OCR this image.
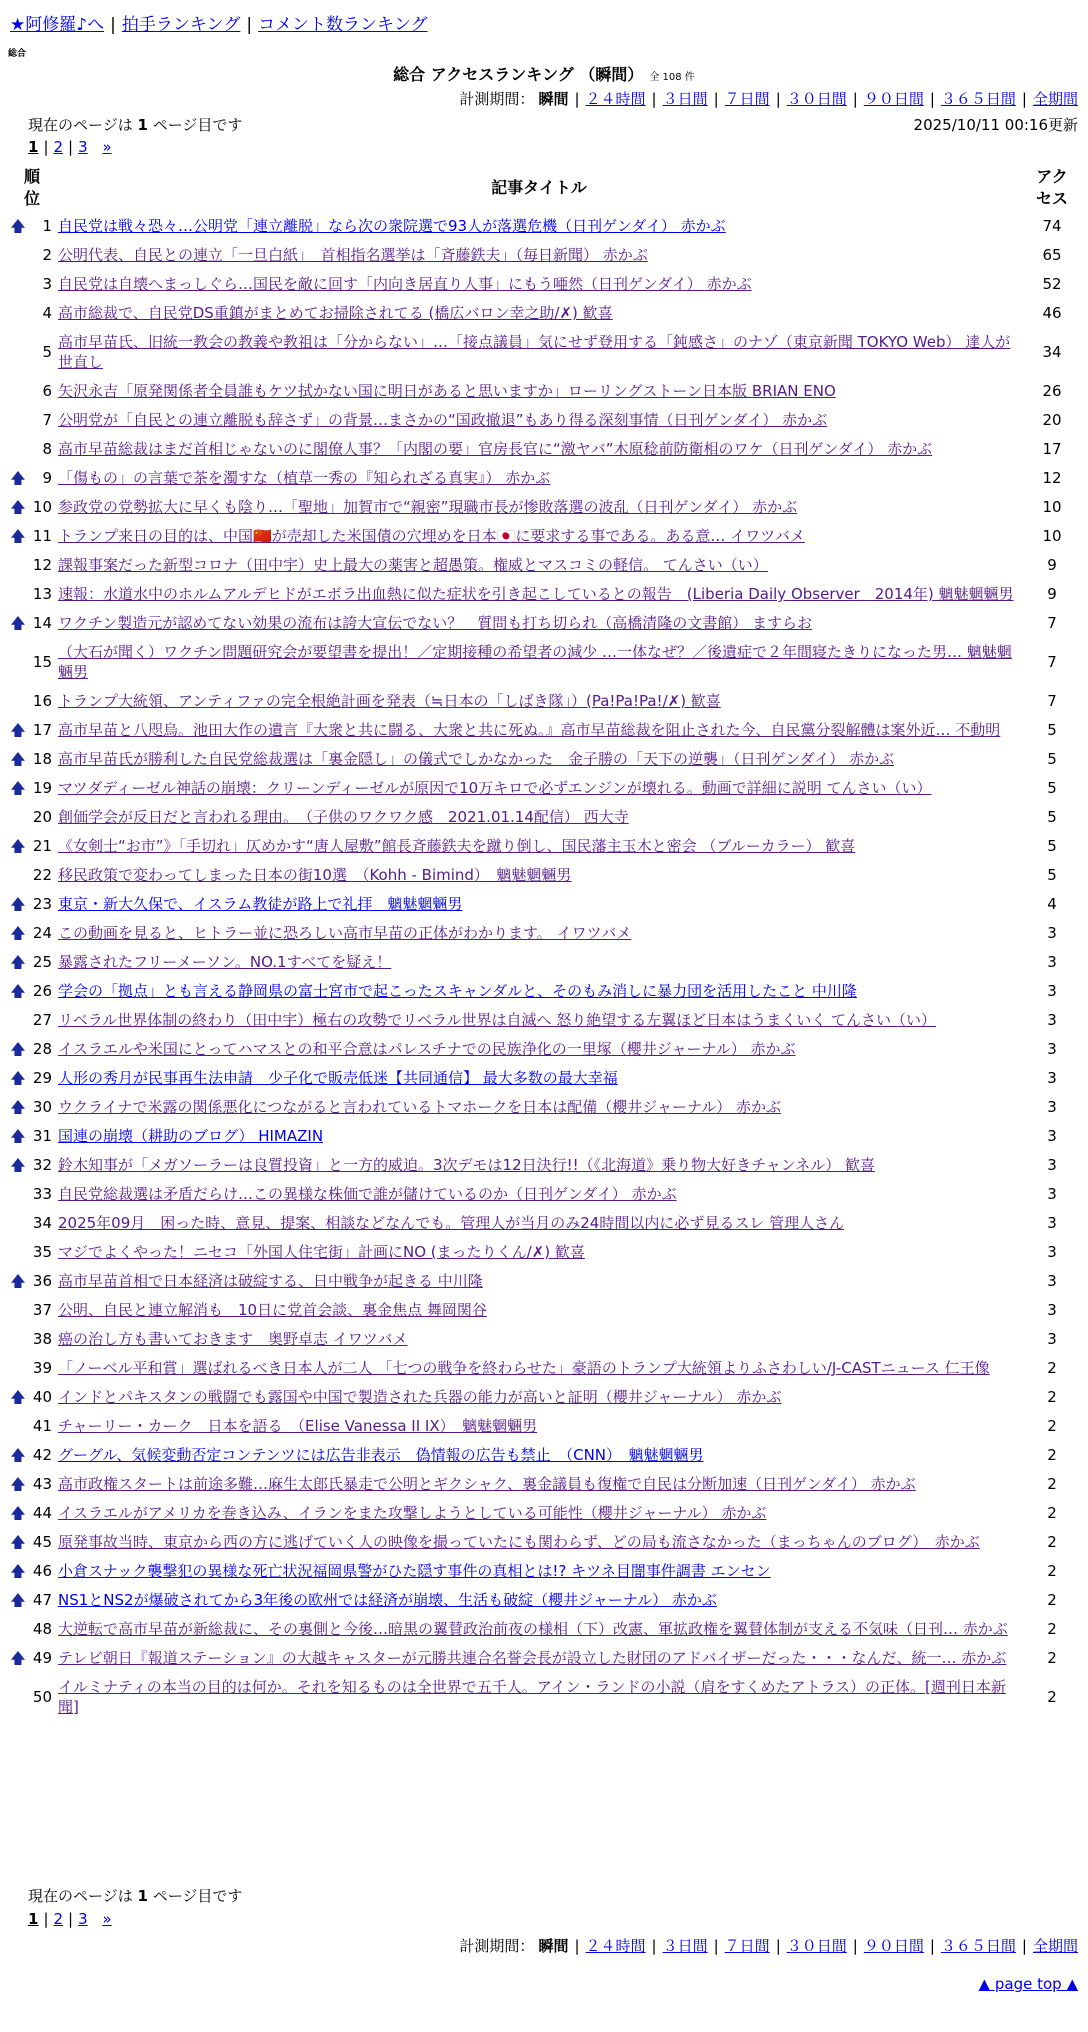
★阿修羅♪へ | 拍手ランキング | コメント数ランキング
総合
総合 アクセスランキング （瞬間） 全 108 件
計測期間： 瞬間 | ２４時間 | ３日間 | ７日間 | ３０日間 | ９０日間 | ３６５日間 | 全期間
現在のページは 1 ページ目です	2025/10/11 00:16更新
1 | 2 | 3 »
順位		記事タイトル	アクセス
🡅	1	自民党は戦々恐々…公明党「連立離脱」なら次の衆院選で93人が落選危機（日刊ゲンダイ） 赤かぶ	74
	2	公明代表、自民との連立「一旦白紙」　首相指名選挙は「斉藤鉄夫」（毎日新聞） 赤かぶ	65
	3	自民党は自壊へまっしぐら…国民を敵に回す「内向き居直り人事」にもう唖然（日刊ゲンダイ） 赤かぶ	52
	4	高市総裁で、自民党DS重鎮がまとめてお掃除されてる (橋広バロン幸之助/✗) 歓喜	46
	5	高市早苗氏、旧統一教会の教義や教祖は「分からない」…「接点議員」気にせず登用する「鈍感さ」のナゾ（東京新聞 TOKYO Web） 達人が世直し	34
	6	矢沢永吉「原発関係者全員誰もケツ拭かない国に明日があると思いますか」ローリングストーン日本版 BRIAN ENO	26
	7	公明党が「自民との連立離脱も辞さず」の背景…まさかの“国政撤退”もあり得る深刻事情（日刊ゲンダイ） 赤かぶ	20
	8	高市早苗総裁はまだ首相じゃないのに閣僚人事？「内閣の要」官房長官に“激ヤバ”木原稔前防衛相のワケ（日刊ゲンダイ） 赤かぶ	17
🡅	9	「傷もの」の言葉で茶を濁すな（植草一秀の『知られざる真実』） 赤かぶ	12
🡅	10	参政党の党勢拡大に早くも陰り…「聖地」加賀市で“親密”現職市長が惨敗落選の波乱（日刊ゲンダイ） 赤かぶ	10
🡅	11	トランプ来日の目的は、中国🇨🇳が売却した米国債の穴埋めを日本🇯🇵に要求する事である。ある意… イワツバメ	10
	12	課報事案だった新型コロナ（田中宇）史上最大の薬害と超愚策。権威とマスコミの軽信。 てんさい（い）	9
	13	速報：水道水中のホルムアルデヒドがエボラ出血熱に似た症状を引き起こしているとの報告　(Liberia Daily Observer　2014年) 魑魅魍魎男	9
🡅	14	ワクチン製造元が認めてない効果の流布は誇大宣伝でない？　質問も打ち切られ（高橋清隆の文書館） ますらお	7
	15	（大石が聞く）ワクチン問題研究会が要望書を提出！／定期接種の希望者の減少 …一体なぜ？／後遺症で２年間寝たきりになった男… 魑魅魍魎男	7
	16	トランプ大統領、アンティファの完全根絶計画を発表（≒日本の「しばき隊」）(Pa!Pa!Pa!/✗) 歓喜	7
🡅	17	高市早苗と八咫烏。池田大作の遺言『大衆と共に闘る、大衆と共に死ぬ。』高市早苗総裁を阻止された今、自民黨分裂解體は案外近… 不動明	5
🡅	18	高市早苗氏が勝利した自民党総裁選は「裏金隠し」の儀式でしかなかった　金子勝の「天下の逆襲」（日刊ゲンダイ） 赤かぶ	5
🡅	19	マツダディーゼル神話の崩壊：クリーンディーゼルが原因で10万キロで必ずエンジンが壊れる。動画で詳細に説明 てんさい（い）	5
	20	創価学会が反日だと言われる理由。　（子供のワクワク感　2021.01.14配信） 西大寺	5
🡅	21	《女剣士“お市”》「手切れ」仄めかす“唐人屋敷”館長斉藤鉄夫を蹴り倒し、国民藩主玉木と密会 （ブルーカラー） 歓喜	5
	22	移民政策で変わってしまった日本の街10選　（Kohh - Bimind）　魑魅魍魎男	5
🡅	23	東京・新大久保で、イスラム教徒が路上で礼拝　魑魅魍魎男	4
🡅	24	この動画を見ると、ヒトラー並に恐ろしい高市早苗の正体がわかります。 イワツバメ	3
🡅	25	暴露されたフリーメーソン。NO.1すべてを疑え！	3
🡅	26	学会の「拠点」とも言える静岡県の富士宮市で起こったスキャンダルと、そのもみ消しに暴力団を活用したこと 中川隆	3
	27	リベラル世界体制の終わり（田中宇）極右の攻勢でリベラル世界は自滅へ 怒り絶望する左翼ほど日本はうまくいく てんさい（い）	3
🡅	28	イスラエルや米国にとってハマスとの和平合意はパレスチナでの民族浄化の一里塚（櫻井ジャーナル） 赤かぶ	3
🡅	29	人形の秀月が民事再生法申請　少子化で販売低迷【共同通信】 最大多数の最大幸福	3
🡅	30	ウクライナで米露の関係悪化につながると言われているトマホークを日本は配備（櫻井ジャーナル） 赤かぶ	3
🡅	31	国連の崩壊（耕助のブログ） HIMAZIN	3
🡅	32	鈴木知事が「メガソーラーは良質投資」と一方的威迫。3次デモは12日決行!!（《北海道》乗り物大好きチャンネル） 歓喜	3
	33	自民党総裁選は矛盾だらけ…この異様な株価で誰が儲けているのか（日刊ゲンダイ） 赤かぶ	3
	34	2025年09月　困った時、意見、提案、相談などなんでも。管理人が当月のみ24時間以内に必ず見るスレ 管理人さん	3
	35	マジでよくやった！ニセコ「外国人住宅街」計画にNO (まったりくん/✗) 歓喜	3
🡅	36	高市早苗首相で日本経済は破綻する、日中戦争が起きる 中川隆	3
	37	公明、自民と連立解消も　10日に党首会談、裏金焦点 舞岡関谷	3
	38	癌の治し方も書いておきます　奥野卓志 イワツバメ	3
	39	「ノーベル平和賞」選ばれるべき日本人が二人 「七つの戦争を終わらせた」豪語のトランプ大統領よりふさわしい/J-CASTニュース 仁王像	2
🡅	40	インドとパキスタンの戦闘でも露国や中国で製造された兵器の能力が高いと証明（櫻井ジャーナル） 赤かぶ	2
	41	チャーリー・カーク　日本を語る　（Elise Vanessa II IX）　魑魅魍魎男	2
🡅	42	グーグル、気候変動否定コンテンツには広告非表示　偽情報の広告も禁止　（CNN）　魑魅魍魎男	2
🡅	43	高市政権スタートは前途多難…麻生太郎氏暴走で公明とギクシャク、裏金議員も復権で自民は分断加速（日刊ゲンダイ） 赤かぶ	2
🡅	44	イスラエルがアメリカを巻き込み、イランをまた攻撃しようとしている可能性（櫻井ジャーナル） 赤かぶ	2
🡅	45	原発事故当時、東京から西の方に逃げていく人の映像を撮っていたにも関わらず、どの局も流さなかった（まっちゃんのブログ）　赤かぶ	2
🡅	46	小倉スナック襲撃犯の異様な死亡状況福岡県警がひた隠す事件の真相とは!? キツネ目闇事件調書 エンセン	2
🡅	47	NS1とNS2が爆破されてから3年後の欧州では経済が崩壊、生活も破綻（櫻井ジャーナル） 赤かぶ	2
	48	大逆転で高市早苗が新総裁に、その裏側と今後…暗黒の翼賛政治前夜の様相（下）改憲、軍拡政権を翼賛体制が支える不気味（日刊… 赤かぶ	2
🡅	49	テレビ朝日『報道ステーション』の大越キャスターが元勝共連合名誉会長が設立した財団のアドバイザーだった・・・なんだ、統一… 赤かぶ	2
	50	イルミナティの本当の目的は何か。それを知るものは全世界で五千人。アイン・ランドの小説（肩をすくめたアトラス）の正体。[週刊日本新聞]	2
現在のページは 1 ページ目です
1 | 2 | 3 »
計測期間： 瞬間 | ２４時間 | ３日間 | ７日間 | ３０日間 | ９０日間 | ３６５日間 | 全期間
▲ page top ▲
